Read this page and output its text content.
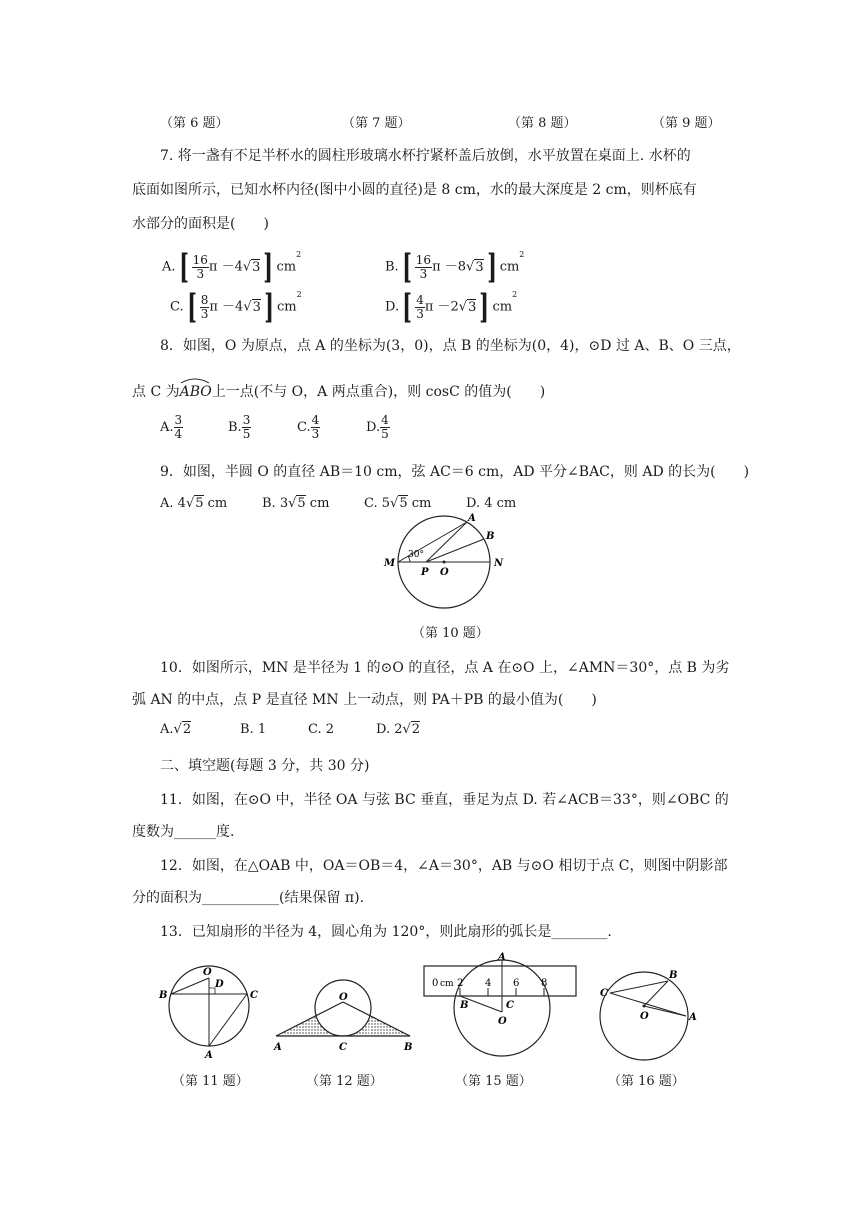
（第 6 题）	（第 7 题）	（第 8 题）	（第 9 题）
7. 将一盏有不足半杯水的圆柱形玻璃水杯拧紧杯盖后放倒，水平放置在桌面上. 水杯的
底面如图所示，已知水杯内径(图中小圆的直径)是 8 cm，水的最大深度是 2 cm，则杯底有
水部分的面积是(　　)
$A.[ \frac{16}{3}$ π －4√3] $cm^2$
$B.[ \frac{16}{3}$ π －8√3] $cm^2$
$C.[ \frac{8}{3}$ π －4√3] $cm^2$
$D.[ \frac{4}{3}$ π －2√3] $cm^2$
8．如图，O 为原点，点 A 的坐标为(3，0)，点 B 的坐标为(0，4)，⊙D 过 A、B、O 三点，
点 C 为ABO
上一点(不与 O，A 两点重合)，则 cosC 的值为(　　)
A. $\frac{3}{4}$	B. $\frac{3}{5}$	C. $\frac{4}{3}$	D. $\frac{4}{5}$
9．如图，半圆 O 的直径 AB＝10 cm，弦 AC＝6 cm，AD 平分∠BAC，则 AD 的长为(　　)
A. 4√5 cm	B. 3√5 cm	C. 5√5 cm	D. 4 cm
M	N
A
B
P O
30°
（第 10 题）
10．如图所示，MN 是半径为 1 的⊙O 的直径，点 A 在⊙O 上，∠AMN＝30°，点 B 为劣
弧 AN 的中点，点 P 是直径 MN 上一动点，则 PA＋PB 的最小值为(　　)
A.√2	B. 1	C. 2	D. 2√2
二、填空题(每题 3 分，共 30 分)
11．如图，在⊙O 中，半径 OA 与弦 BC 垂直，垂足为点 D. 若∠ACB＝33°，则∠OBC 的
度数为______度.
12．如图，在△OAB 中，OA＝OB＝4，∠A＝30°，AB 与⊙O 相切于点 C，则图中阴影部
分的面积为___________(结果保留 π).
13．已知扇形的半径为 4，圆心角为 120°，则此扇形的弧长是________.
O
D
B	C
A
O
A	C	B
A
B	C
O
0 cm 2 4 6 8
B
C
O	A
（第 11 题）	（第 12 题）	（第 15 题）	（第 16 题）
